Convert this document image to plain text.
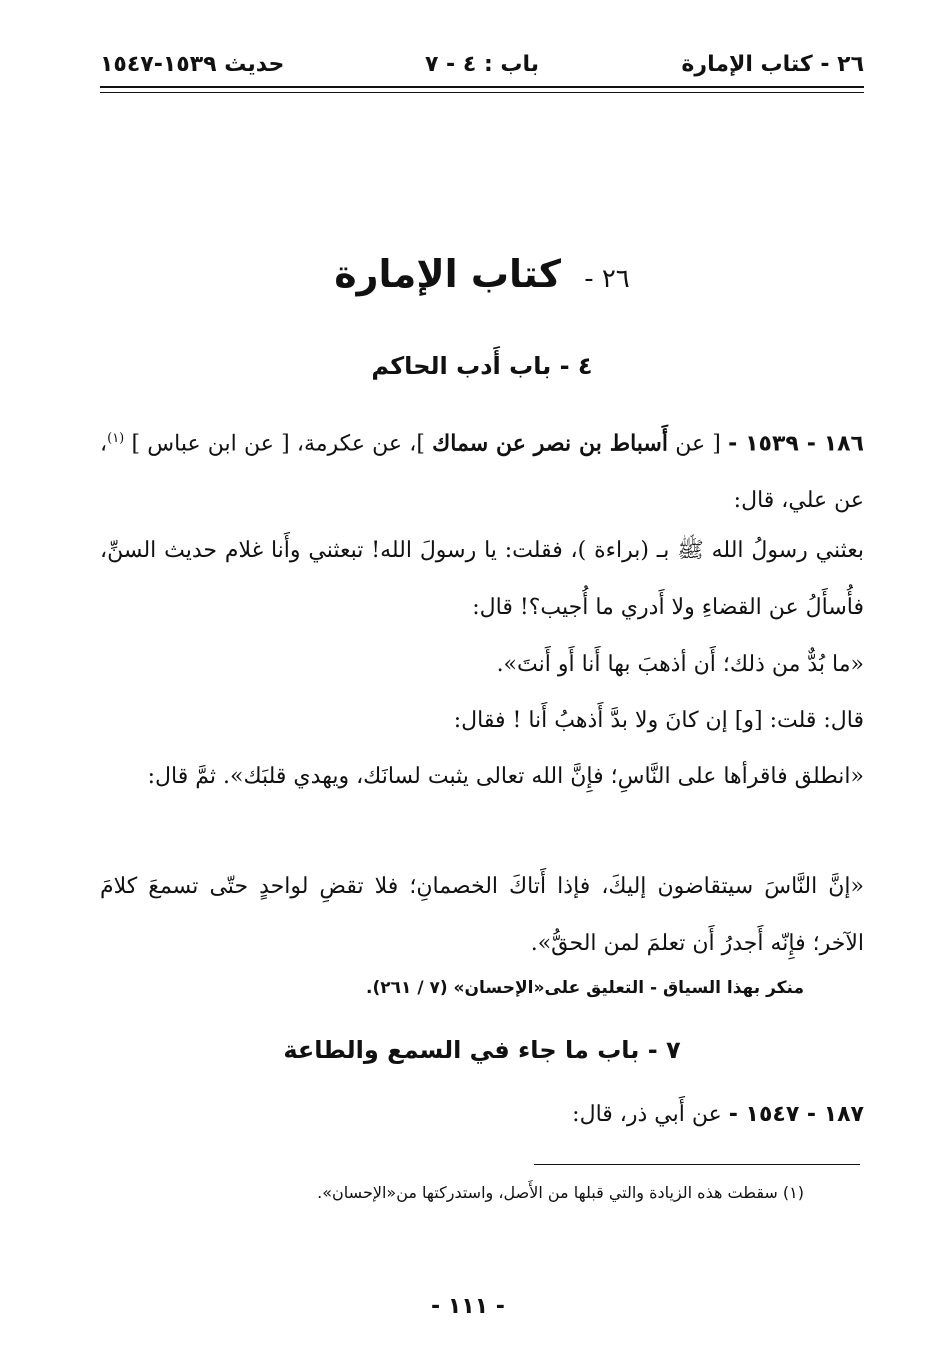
٢٦ - كتاب الإمارة
باب : ٤ - ٧
حديث ١٥٣٩-١٥٤٧
٢٦ - كتاب الإمارة
٤ - باب أَدب الحاكم
١٨٦ - ١٥٣٩ - [ عن أَسباط بن نصر عن سماك ]، عن عكرمة، [ عن ابن عباس ] $^{(١)}$، عن علي، قال:
بعثني رسولُ الله ﷺ بـ (براءة )، فقلت: يا رسولَ الله! تبعثني وأَنا غلام حديث السنِّ، فأُسأَلُ عن القضاءِ ولا أَدري ما أُجيب؟! قال:
«ما بُدٌّ من ذلك؛ أَن أذهبَ بها أَنا أَو أَنتَ».
قال: قلت: [و] إن كانَ ولا بدَّ أَذهبُ أَنا ! فقال:
«انطلق فاقرأها على النَّاسِ؛ فإِنَّ الله تعالى يثبت لسانَك، ويهدي قلبَك». ثمَّ قال:
«إنَّ النَّاسَ سيتقاضون إليكَ، فإذا أَتاكَ الخصمانِ؛ فلا تقضِ لواحدٍ حتّى تسمعَ كلامَ الآخر؛ فإِنّه أَجدرُ أَن تعلمَ لمن الحقُّ».
منكر بهذا السياق - التعليق على«الإحسان» (٧ / ٢٦١).
٧ - باب ما جاء في السمع والطاعة
١٨٧ - ١٥٤٧ - عن أَبي ذر، قال:
(١) سقطت هذه الزيادة والتي قبلها من الأَصل، واستدركتها من«الإحسان».
- ١١١ -
